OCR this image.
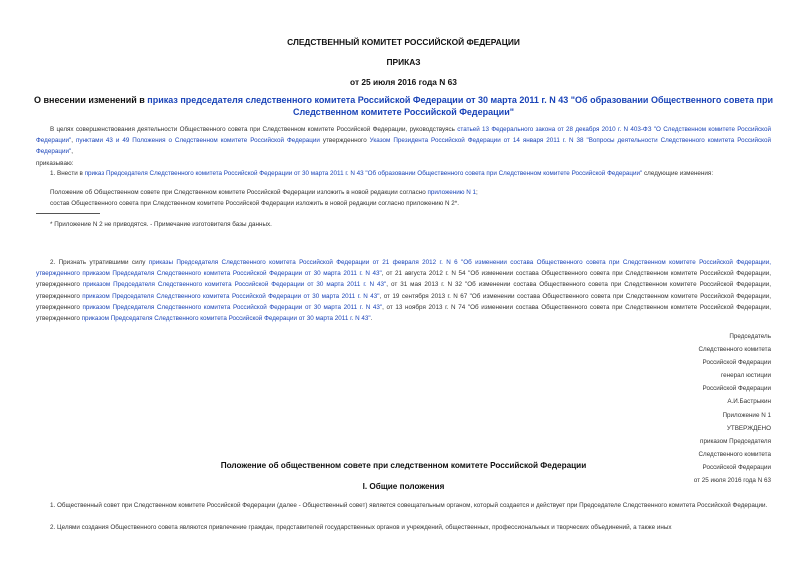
СЛЕДСТВЕННЫЙ КОМИТЕТ РОССИЙСКОЙ ФЕДЕРАЦИИ
ПРИКАЗ
от 25 июля 2016 года N 63
О внесении изменений в приказ председателя следственного комитета Российской Федерации от 30 марта 2011 г. N 43 "Об образовании Общественного совета при Следственном комитете Российской Федерации"
В целях совершенствования деятельности Общественного совета при Следственном комитете Российской Федерации, руководствуясь статьей 13 Федерального закона от 28 декабря 2010 г. N 403-ФЗ "О Следственном комитете Российской Федерации", пунктами 43 и 49 Положения о Следственном комитете Российской Федерации утвержденного Указом Президента Российской Федерации от 14 января 2011 г. N 38 "Вопросы деятельности Следственного комитета Российской Федерации",
приказываю:
1. Внести в приказ Председателя Следственного комитета Российской Федерации от 30 марта 2011 г. N 43 "Об образовании Общественного совета при Следственном комитете Российской Федерации" следующие изменения:
Положение об Общественном совете при Следственном комитете Российской Федерации изложить в новой редакции согласно приложению N 1;
состав Общественного совета при Следственном комитете Российской Федерации изложить в новой редакции согласно приложению N 2*.
* Приложение N 2 не приводятся. - Примечание изготовителя базы данных.
2. Признать утратившими силу приказы Председателя Следственного комитета Российской Федерации от 21 февраля 2012 г. N 6 "Об изменении состава Общественного совета при Следственном комитете Российской Федерации, утвержденного приказом Председателя Следственного комитета Российской Федерации от 30 марта 2011 г. N 43", от 21 августа 2012 г. N 54 "Об изменении состава Общественного совета при Следственном комитете Российской Федерации, утвержденного приказом Председателя Следственного комитета Российской Федерации от 30 марта 2011 г. N 43", от 31 мая 2013 г. N 32 "Об изменении состава Общественного совета при Следственном комитете Российской Федерации, утвержденного приказом Председателя Следственного комитета Российской Федерации от 30 марта 2011 г. N 43", от 19 сентября 2013 г. N 67 "Об изменении состава Общественного совета при Следственном комитете Российской Федерации, утвержденного приказом Председателя Следственного комитета Российской Федерации от 30 марта 2011 г. N 43", от 13 ноября 2013 г. N 74 "Об изменении состава Общественного совета при Следственном комитете Российской Федерации, утвержденного приказом Председателя Следственного комитета Российской Федерации от 30 марта 2011 г. N 43".
Председатель
Следственного комитета
Российской Федерации
генерал юстиции
Российской Федерации
А.И.Бастрыкин
Приложение N 1
УТВЕРЖДЕНО
приказом Председателя
Следственного комитета
Российской Федерации
от 25 июля 2016 года N 63
Положение об общественном совете при следственном комитете Российской Федерации
I. Общие положения
1. Общественный совет при Следственном комитете Российской Федерации (далее - Общественный совет) является совещательным органом, который создается и действует при Председателе Следственного комитета Российской Федерации.
2. Целями создания Общественного совета являются привлечение граждан, представителей государственных органов и учреждений, общественных, профессиональных и творческих объединений, а также иных
